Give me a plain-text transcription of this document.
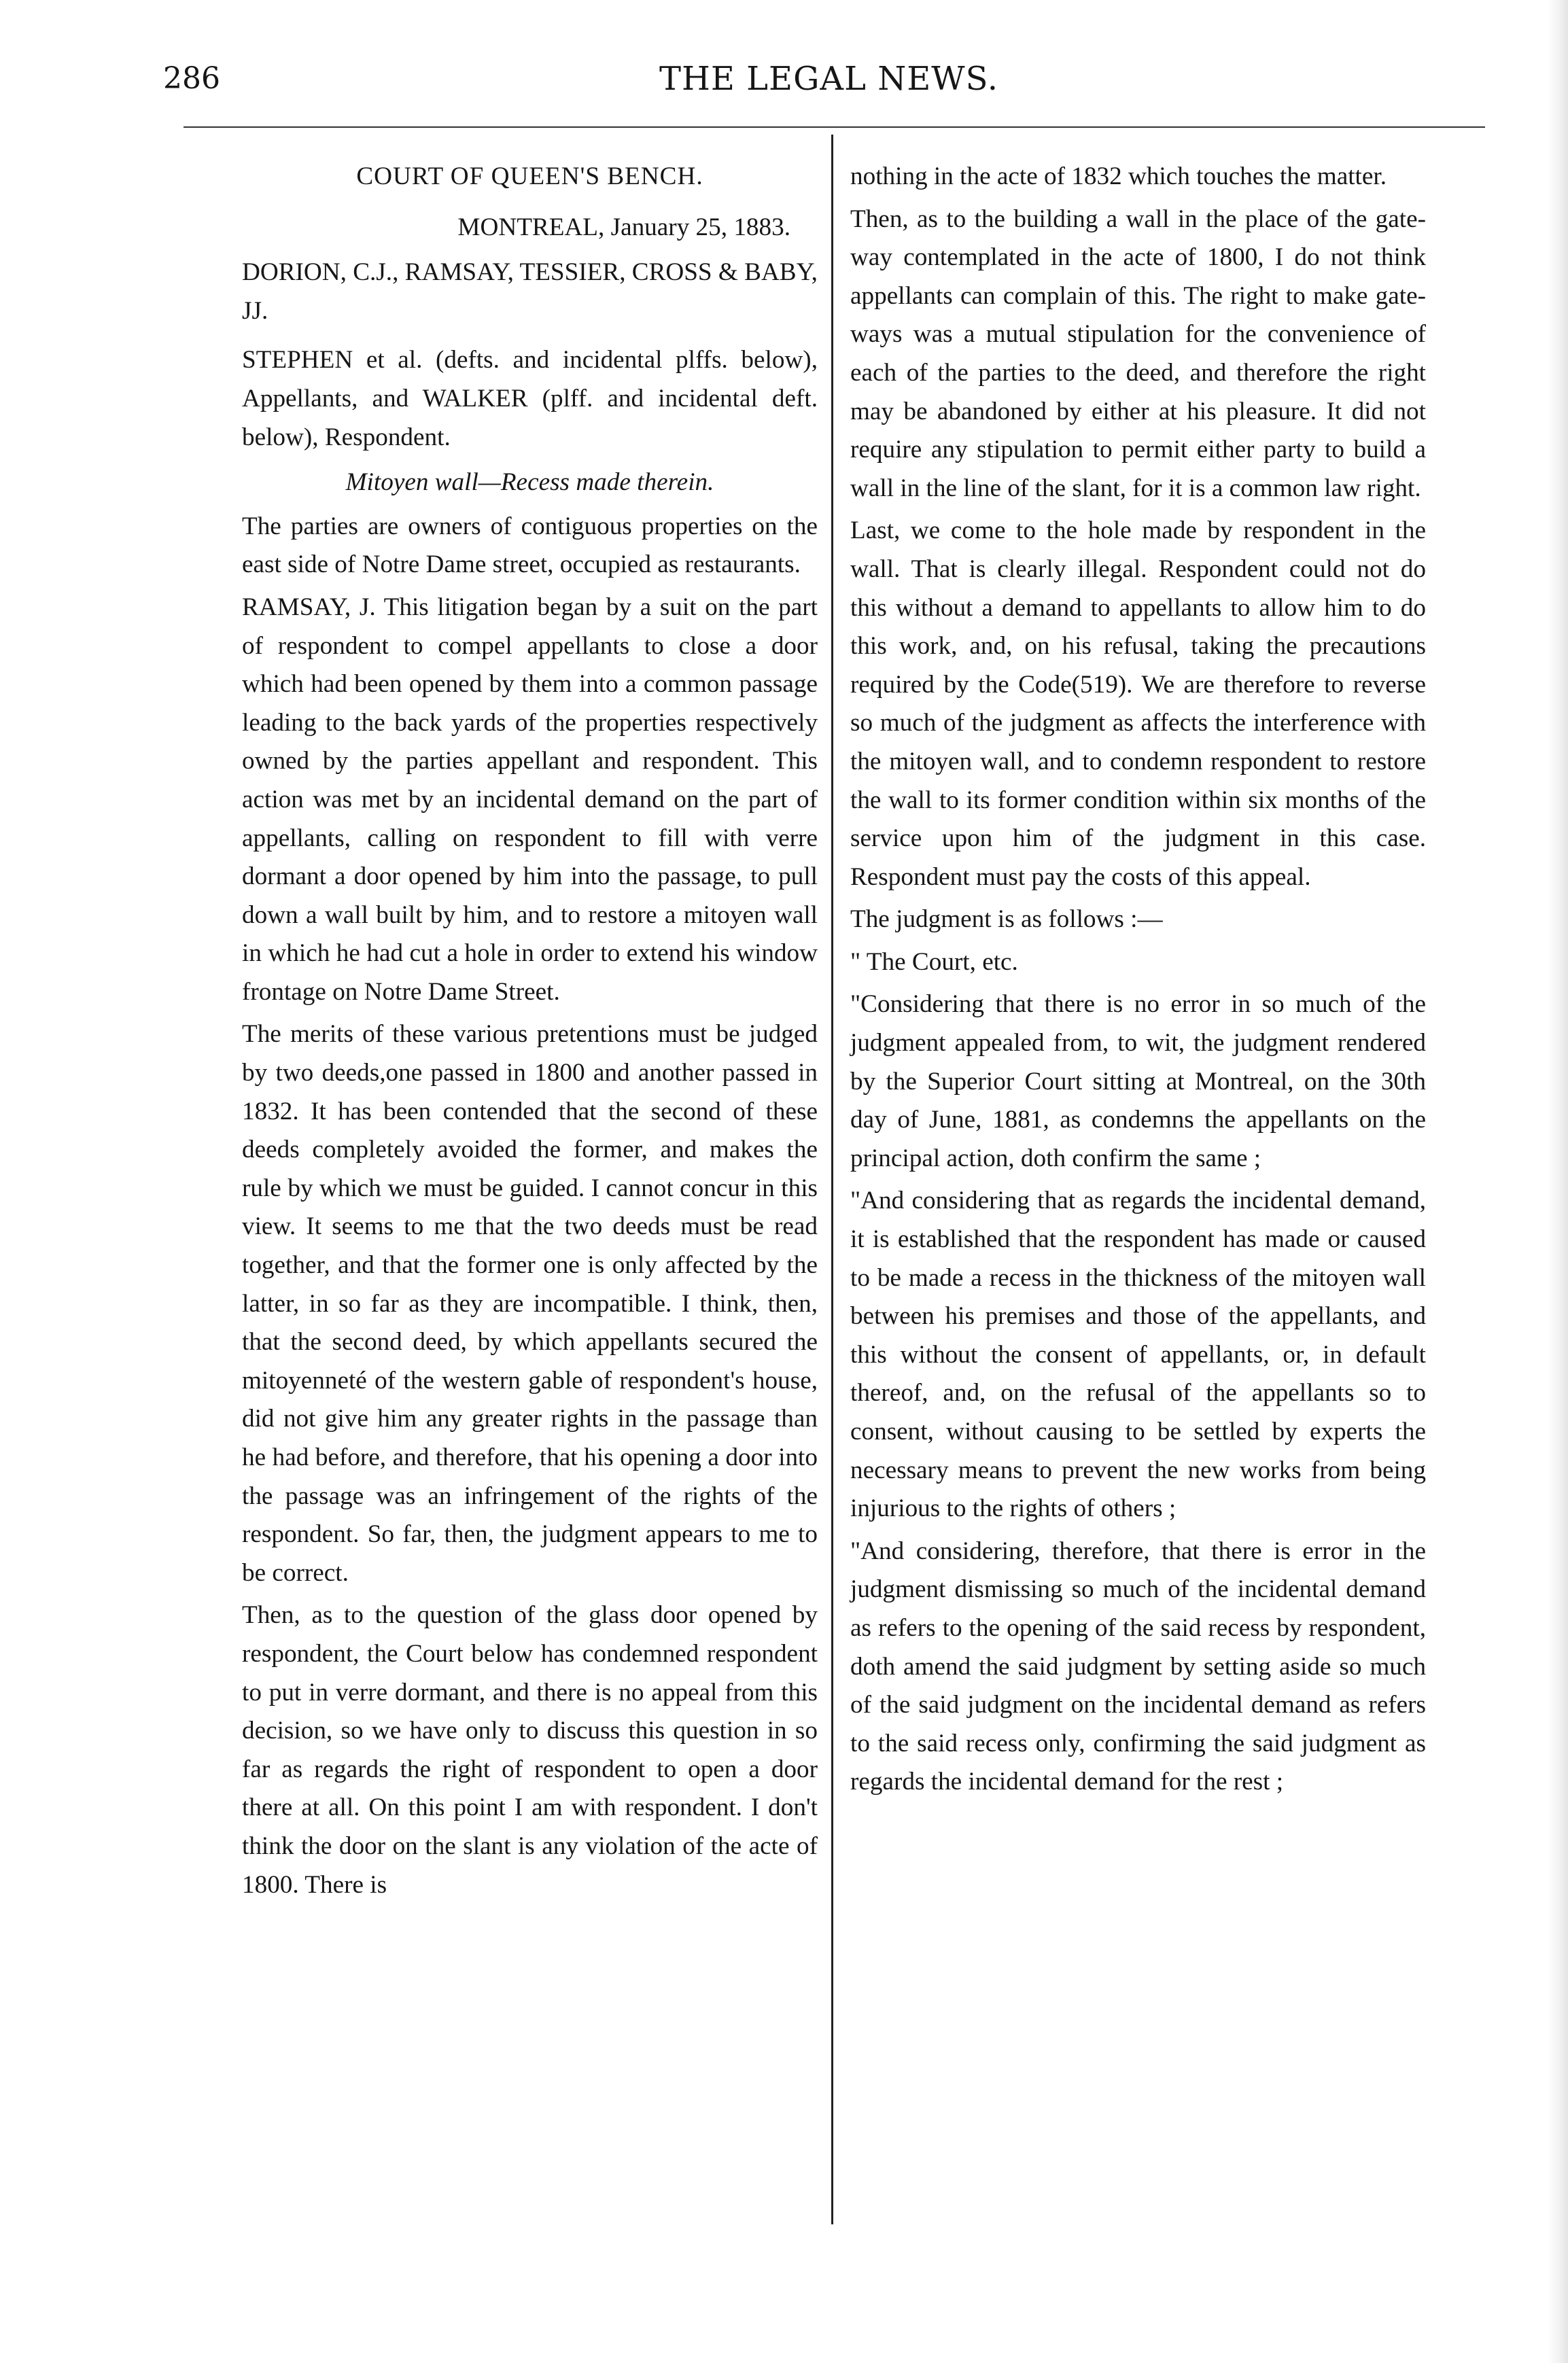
286	THE LEGAL NEWS.

COURT OF QUEEN'S BENCH.

MONTREAL, January 25, 1883.

DORION, C.J., RAMSAY, TESSIER, CROSS & BABY, JJ.

STEPHEN et al. (defts. and incidental plffs. below), Appellants, and WALKER (plff. and incidental deft. below), Respondent.

Mitoyen wall—Recess made therein.

The parties are owners of contiguous properties on the east side of Notre Dame street, occupied as restaurants.

RAMSAY, J. This litigation began by a suit on the part of respondent to compel appellants to close a door which had been opened by them into a common passage leading to the back yards of the properties respectively owned by the parties appellant and respondent. This action was met by an incidental demand on the part of appellants, calling on respondent to fill with verre dormant a door opened by him into the passage, to pull down a wall built by him, and to restore a mitoyen wall in which he had cut a hole in order to extend his window frontage on Notre Dame Street.

The merits of these various pretentions must be judged by two deeds,one passed in 1800 and another passed in 1832. It has been contended that the second of these deeds completely avoided the former, and makes the rule by which we must be guided. I cannot concur in this view. It seems to me that the two deeds must be read together, and that the former one is only affected by the latter, in so far as they are incompatible. I think, then, that the second deed, by which appellants secured the mitoyenneté of the western gable of respondent's house, did not give him any greater rights in the passage than he had before, and therefore, that his opening a door into the passage was an infringement of the rights of the respondent. So far, then, the judgment appears to me to be correct.

Then, as to the question of the glass door opened by respondent, the Court below has condemned respondent to put in verre dormant, and there is no appeal from this decision, so we have only to discuss this question in so far as regards the right of respondent to open a door there at all. On this point I am with respondent. I don't think the door on the slant is any violation of the acte of 1800. There is

nothing in the acte of 1832 which touches the matter.

Then, as to the building a wall in the place of the gate-way contemplated in the acte of 1800, I do not think appellants can complain of this. The right to make gate-ways was a mutual stipulation for the convenience of each of the parties to the deed, and therefore the right may be abandoned by either at his pleasure. It did not require any stipulation to permit either party to build a wall in the line of the slant, for it is a common law right.

Last, we come to the hole made by respondent in the wall. That is clearly illegal. Respondent could not do this without a demand to appellants to allow him to do this work, and, on his refusal, taking the precautions required by the Code(519). We are therefore to reverse so much of the judgment as affects the interference with the mitoyen wall, and to condemn respondent to restore the wall to its former condition within six months of the service upon him of the judgment in this case. Respondent must pay the costs of this appeal.

The judgment is as follows :—

" The Court, etc.

"Considering that there is no error in so much of the judgment appealed from, to wit, the judgment rendered by the Superior Court sitting at Montreal, on the 30th day of June, 1881, as condemns the appellants on the principal action, doth confirm the same ;

"And considering that as regards the incidental demand, it is established that the respondent has made or caused to be made a recess in the thickness of the mitoyen wall between his premises and those of the appellants, and this without the consent of appellants, or, in default thereof, and, on the refusal of the appellants so to consent, without causing to be settled by experts the necessary means to prevent the new works from being injurious to the rights of others ;

"And considering, therefore, that there is error in the judgment dismissing so much of the incidental demand as refers to the opening of the said recess by respondent, doth amend the said judgment by setting aside so much of the said judgment on the incidental demand as refers to the said recess only, confirming the said judgment as regards the incidental demand for the rest ;
